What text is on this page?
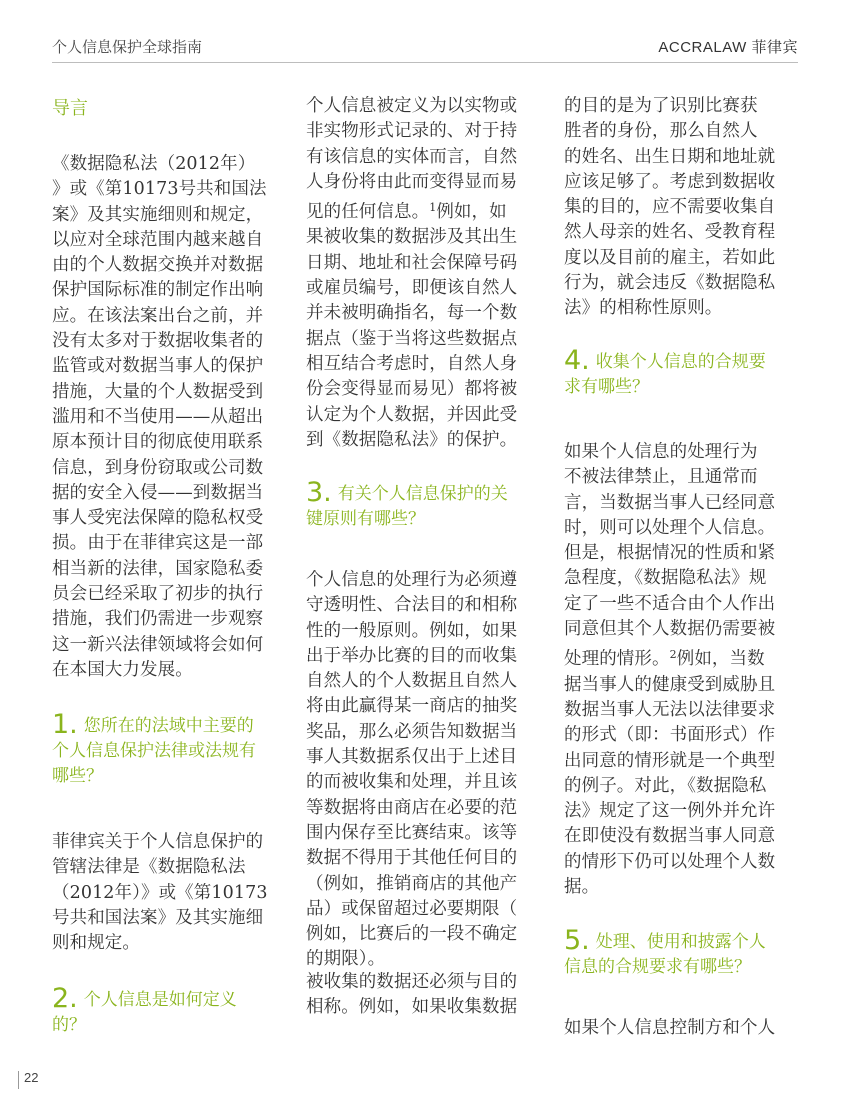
个人信息保护全球指南	ACCRALAW 菲律宾
导言
《数据隐私法（2012年）
》或《第10173号共和国法
案》及其实施细则和规定，
以应对全球范围内越来越自
由的个人数据交换并对数据
保护国际标准的制定作出响
应。在该法案出台之前，并
没有太多对于数据收集者的
监管或对数据当事人的保护
措施，大量的个人数据受到
滥用和不当使用——从超出
原本预计目的彻底使用联系
信息，到身份窃取或公司数
据的安全入侵——到数据当
事人受宪法保障的隐私权受
损。由于在菲律宾这是一部
相当新的法律，国家隐私委
员会已经采取了初步的执行
措施，我们仍需进一步观察
这一新兴法律领域将会如何
在本国大力发展。
1. 您所在的法域中主要的
个人信息保护法律或法规有
哪些？
菲律宾关于个人信息保护的
管辖法律是《数据隐私法
（2012年）》或《第10173
号共和国法案》及其实施细
则和规定。
2. 个人信息是如何定义
的？
个人信息被定义为以实物或
非实物形式记录的、对于持
有该信息的实体而言，自然
人身份将由此而变得显而易
见的任何信息。$^1$例如，如
果被收集的数据涉及其出生
日期、地址和社会保障号码
或雇员编号，即便该自然人
并未被明确指名，每一个数
据点（鉴于当将这些数据点
相互结合考虑时，自然人身
份会变得显而易见）都将被
认定为个人数据，并因此受
到《数据隐私法》的保护。
3. 有关个人信息保护的关
键原则有哪些？
个人信息的处理行为必须遵
守透明性、合法目的和相称
性的一般原则。例如，如果
出于举办比赛的目的而收集
自然人的个人数据且自然人
将由此赢得某一商店的抽奖
奖品，那么必须告知数据当
事人其数据系仅出于上述目
的而被收集和处理，并且该
等数据将由商店在必要的范
围内保存至比赛结束。该等
数据不得用于其他任何目的
（例如，推销商店的其他产
品）或保留超过必要期限（
例如，比赛后的一段不确定
的期限）。
被收集的数据还必须与目的
相称。例如，如果收集数据
的目的是为了识别比赛获
胜者的身份，那么自然人
的姓名、出生日期和地址就
应该足够了。考虑到数据收
集的目的，应不需要收集自
然人母亲的姓名、受教育程
度以及目前的雇主，若如此
行为，就会违反《数据隐私
法》的相称性原则。
4. 收集个人信息的合规要
求有哪些？
如果个人信息的处理行为
不被法律禁止，且通常而
言，当数据当事人已经同意
时，则可以处理个人信息。
但是，根据情况的性质和紧
急程度，《数据隐私法》规
定了一些不适合由个人作出
同意但其个人数据仍需要被
处理的情形。$^2$例如，当数
据当事人的健康受到威胁且
数据当事人无法以法律要求
的形式（即：书面形式）作
出同意的情形就是一个典型
的例子。对此，《数据隐私
法》规定了这一例外并允许
在即使没有数据当事人同意
的情形下仍可以处理个人数
据。
5. 处理、使用和披露个人
信息的合规要求有哪些？
如果个人信息控制方和个人
22
